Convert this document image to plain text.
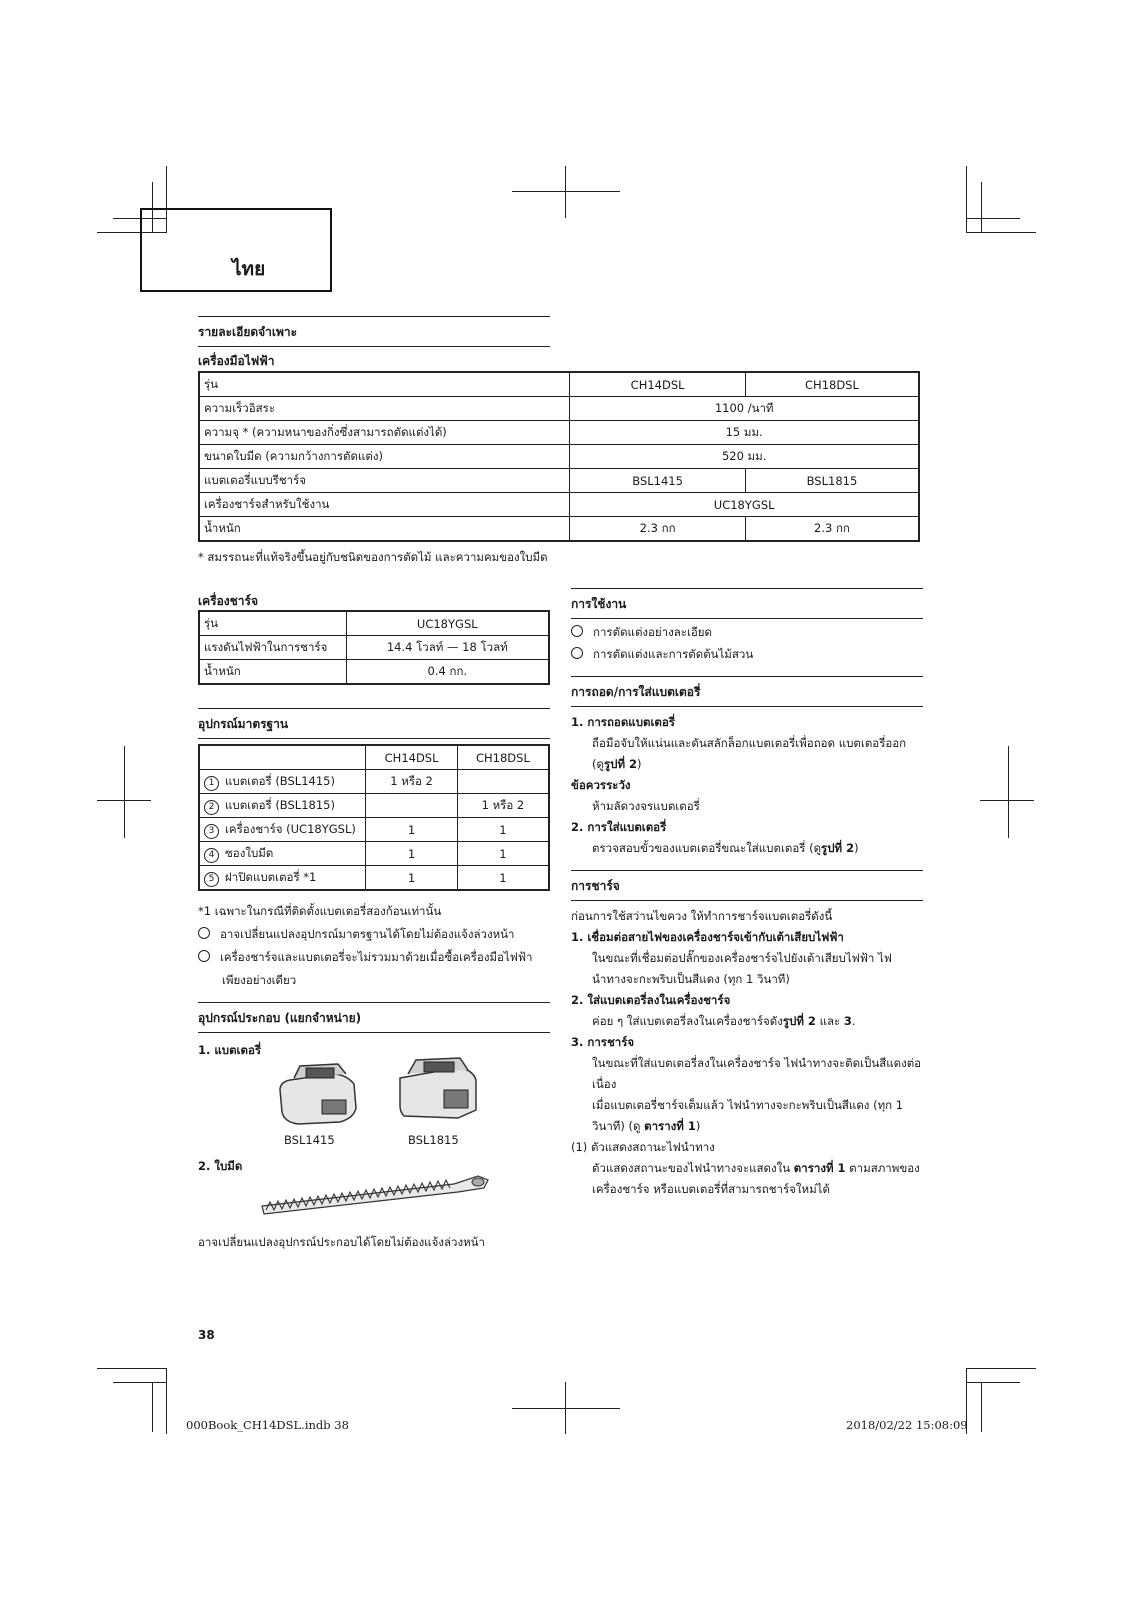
ไทย
รายละเอียดจำเพาะ
เครื่องมือไฟฟ้า
รุ่น	CH14DSL	CH18DSL
ความเร็วอิสระ	1100 /นาที	
ความจุ * (ความหนาของกิ่งซึ่งสามารถตัดแต่งได้)	15 มม.	
ขนาดใบมีด (ความกว้างการตัดแต่ง)	520 มม.	
แบตเตอรี่แบบรีชาร์จ	BSL1415	BSL1815
เครื่องชาร์จสำหรับใช้งาน	UC18YGSL	
น้ำหนัก	2.3 กก	2.3 กก
* สมรรถนะที่แท้จริงขึ้นอยู่กับชนิดของการตัดไม้ และความคมของใบมีด
เครื่องชาร์จ
รุ่น	UC18YGSL
แรงดันไฟฟ้าในการชาร์จ	14.4 โวลท์ — 18 โวลท์
น้ำหนัก	0.4 กก.
อุปกรณ์มาตรฐาน
	CH14DSL	CH18DSL
1 แบตเตอรี่ (BSL1415)	1 หรือ 2	
2 แบตเตอรี่ (BSL1815)		1 หรือ 2
3 เครื่องชาร์จ (UC18YGSL)	1	1
4 ซองใบมีด	1	1
5 ฝาปิดแบตเตอรี่ *1	1	1
*1 เฉพาะในกรณีที่ติดตั้งแบตเตอรี่สองก้อนเท่านั้น
อาจเปลี่ยนแปลงอุปกรณ์มาตรฐานได้โดยไม่ต้องแจ้งล่วงหน้า
เครื่องชาร์จและแบตเตอรี่จะไม่รวมมาด้วยเมื่อซื้อเครื่องมือไฟฟ้า
เพียงอย่างเดียว
อุปกรณ์ประกอบ (แยกจำหน่าย)
1. แบตเตอรี่
BSL1415	BSL1815
2. ใบมีด
อาจเปลี่ยนแปลงอุปกรณ์ประกอบได้โดยไม่ต้องแจ้งล่วงหน้า
การใช้งาน
การตัดแต่งอย่างละเอียด
การตัดแต่งและการตัดต้นไม้สวน
การถอด/การใส่แบตเตอรี่
1. การถอดแบตเตอรี่
ถือมือจับให้แน่นและดันสลักล็อกแบตเตอรี่เพื่อถอด แบตเตอรี่ออก
(ดูรูปที่ 2)
ข้อควรระวัง
ห้ามลัดวงจรแบตเตอรี่
2. การใส่แบตเตอรี่
ตรวจสอบขั้วของแบตเตอรี่ขณะใส่แบตเตอรี่ (ดูรูปที่ 2)
การชาร์จ
ก่อนการใช้สว่านไขควง ให้ทำการชาร์จแบตเตอรี่ดังนี้
1. เชื่อมต่อสายไฟของเครื่องชาร์จเข้ากับเต้าเสียบไฟฟ้า
ในขณะที่เชื่อมต่อปลั๊กของเครื่องชาร์จไปยังเต้าเสียบไฟฟ้า ไฟ
นำทางจะกะพริบเป็นสีแดง (ทุก 1 วินาที)
2. ใส่แบตเตอรี่ลงในเครื่องชาร์จ
ค่อย ๆ ใส่แบตเตอรี่ลงในเครื่องชาร์จดังรูปที่ 2 และ 3.
3. การชาร์จ
ในขณะที่ใส่แบตเตอรี่ลงในเครื่องชาร์จ ไฟนำทางจะติดเป็นสีแดงต่อ
เนื่อง
เมื่อแบตเตอรี่ชาร์จเต็มแล้ว ไฟนำทางจะกะพริบเป็นสีแดง (ทุก 1
วินาที) (ดู ตารางที่ 1)
(1) ตัวแสดงสถานะไฟนำทาง
ตัวแสดงสถานะของไฟนำทางจะแสดงใน ตารางที่ 1 ตามสภาพของ
เครื่องชาร์จ หรือแบตเตอรี่ที่สามารถชาร์จใหม่ได้
38
000Book_CH14DSL.indb 38	2018/02/22 15:08:09
